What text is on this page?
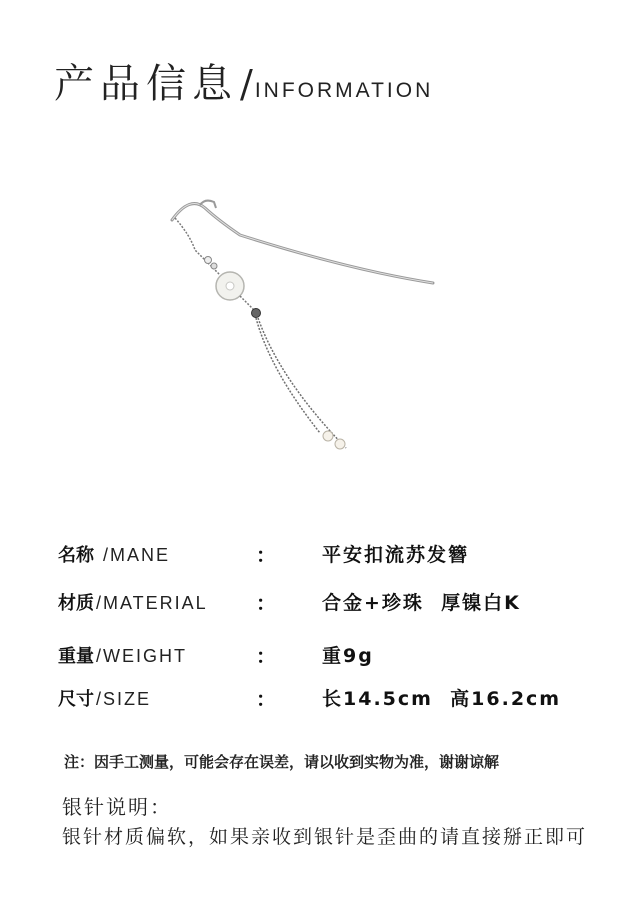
产品信息 / INFORMATION
名称 /MANE	： 平安扣流苏发簪
材质 /MATERIAL ： 合金+珍珠  厚镍白K
重量 /WEIGHT	： 重9g
尺寸 /SIZE	： 长14.5cm  高16.2cm
注：因手工测量，可能会存在误差，请以收到实物为准，谢谢谅解
银针说明：
银针材质偏软，如果亲收到银针是歪曲的请直接掰正即可
